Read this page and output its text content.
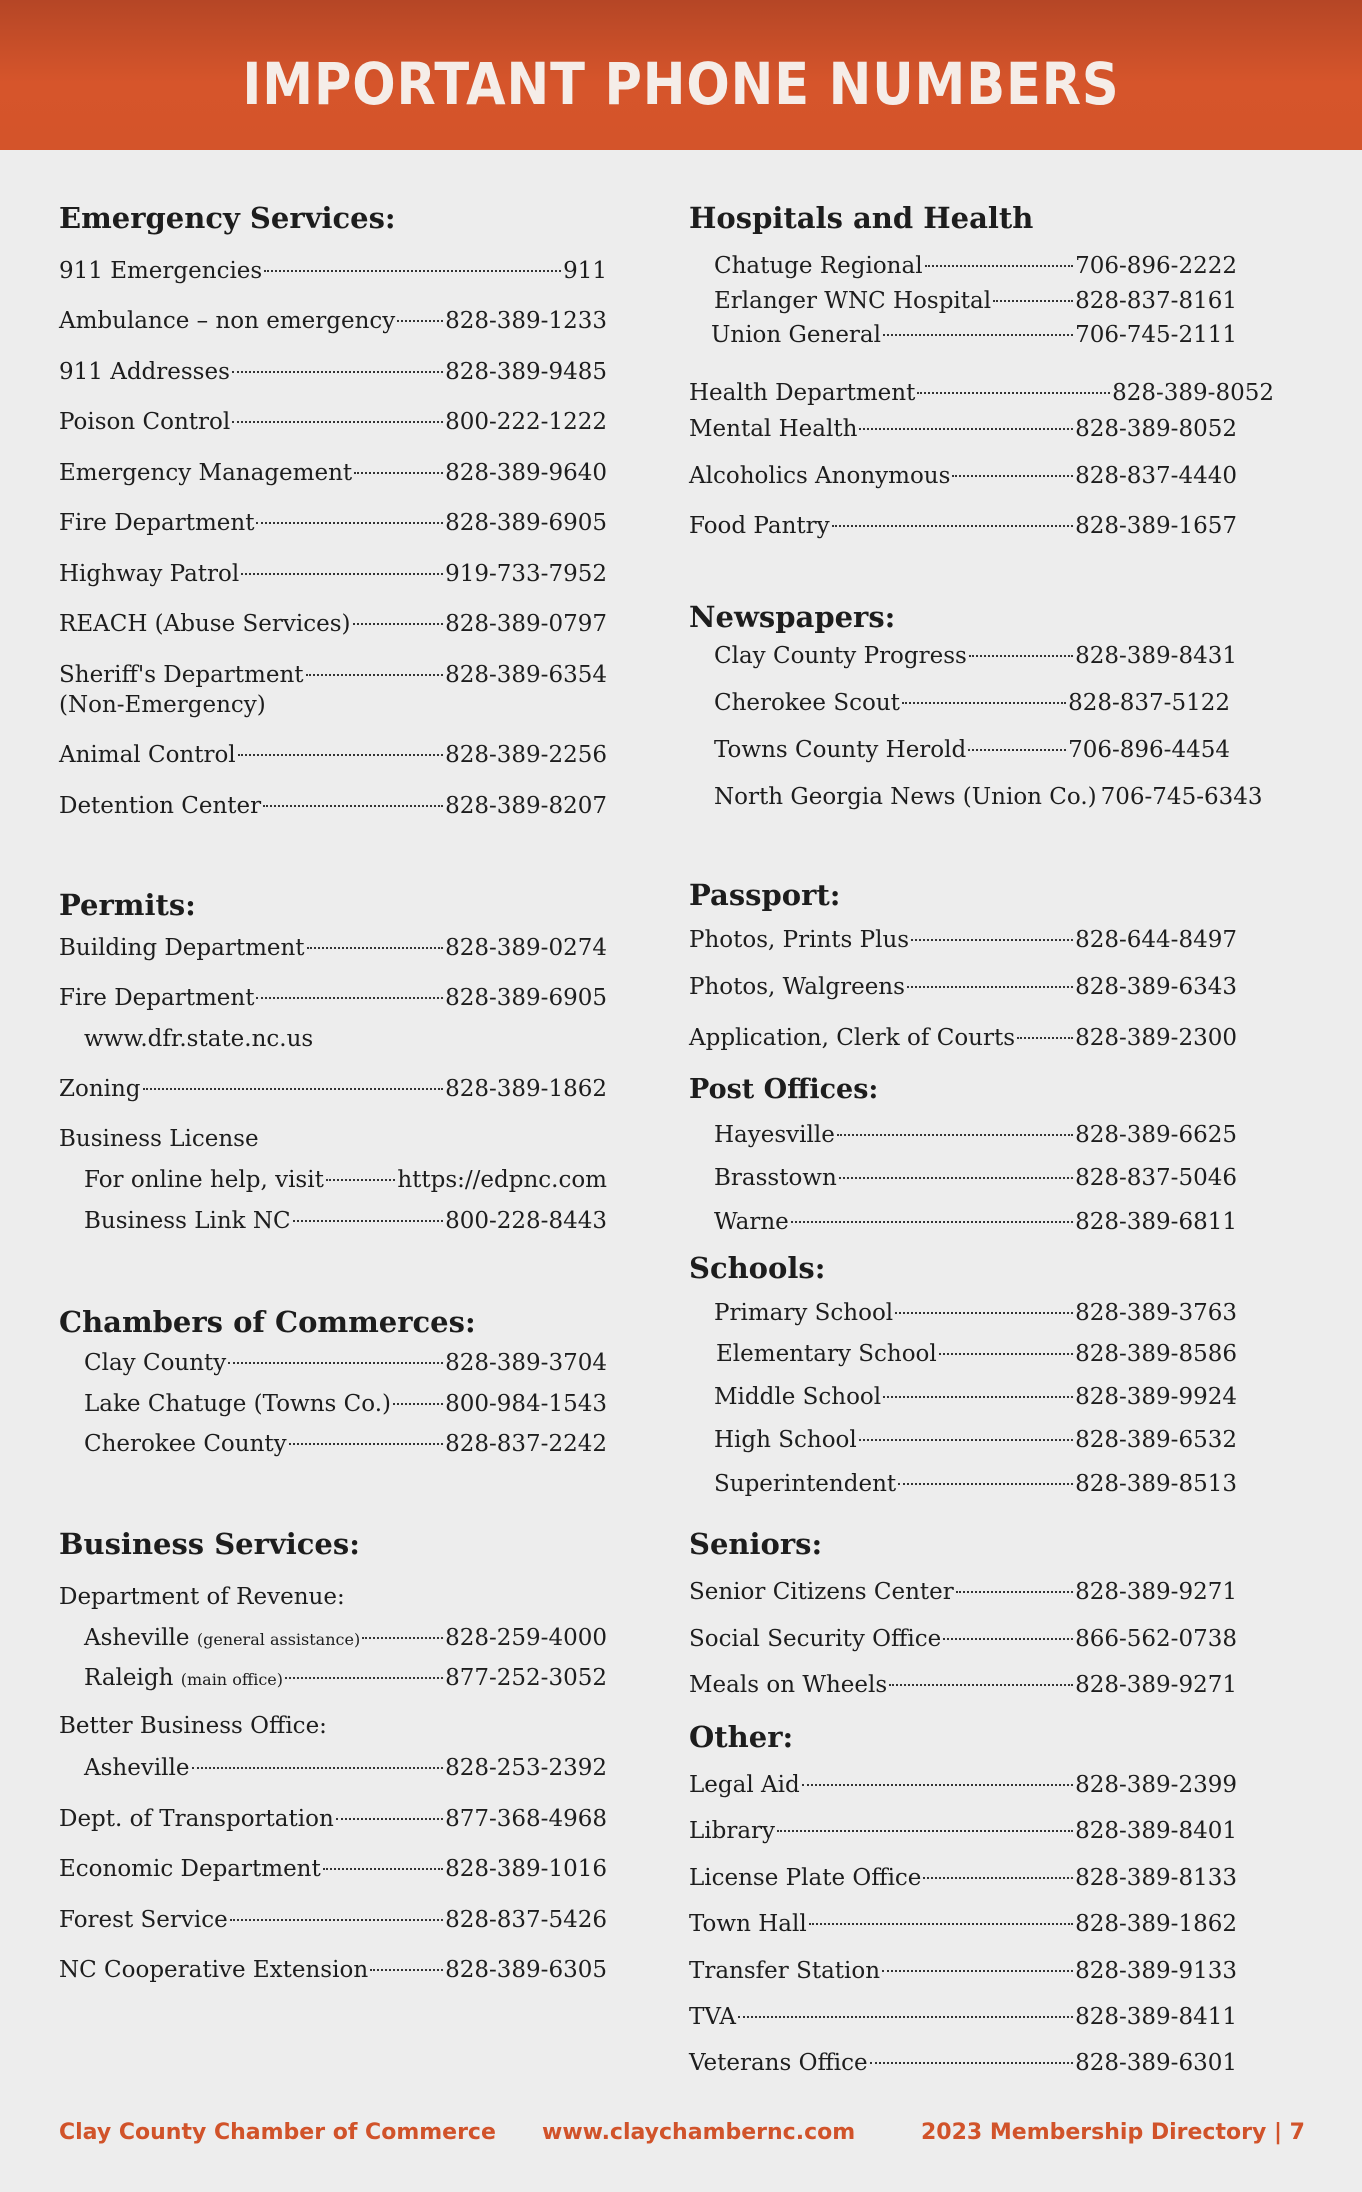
IMPORTANT PHONE NUMBERS
Emergency Services:
911 Emergencies	911
Ambulance – non emergency 828-389-1233
911 Addresses	828-389-9485
Poison Control	800-222-1222
Emergency Management	828-389-9640
Fire Department	828-389-6905
Highway Patrol	919-733-7952
REACH (Abuse Services)	828-389-0797
Sheriff's Department	828-389-6354
(Non-Emergency)
Animal Control	828-389-2256
Detention Center	828-389-8207
Permits:
Building Department	828-389-0274
Fire Department	828-389-6905
www.dfr.state.nc.us
Zoning	828-389-1862
Business License
For online help, visit	https://edpnc.com
Business Link NC	800-228-8443
Chambers of Commerces:
Clay County	828-389-3704
Lake Chatuge (Towns Co.) 800-984-1543
Cherokee County	828-837-2242
Business Services:
Department of Revenue:
Asheville (general assistance)	828-259-4000
Raleigh (main office)	877-252-3052
Better Business Office:
Asheville	828-253-2392
Dept. of Transportation	877-368-4968
Economic Department	828-389-1016
Forest Service	828-837-5426
NC Cooperative Extension	828-389-6305
Hospitals and Health
Chatuge Regional	706-896-2222
Erlanger WNC Hospital	828-837-8161
Union General	706-745-2111
Health Department	828-389-8052
Mental Health	828-389-8052
Alcoholics Anonymous	828-837-4440
Food Pantry	828-389-1657
Newspapers:
Clay County Progress	828-389-8431
Cherokee Scout	828-837-5122
Towns County Herold	706-896-4454
North Georgia News (Union Co.) 706-745-6343
Passport:
Photos, Prints Plus	828-644-8497
Photos, Walgreens	828-389-6343
Application, Clerk of Courts	828-389-2300
Post Offices:
Hayesville	828-389-6625
Brasstown	828-837-5046
Warne	828-389-6811
Schools:
Primary School	828-389-3763
Elementary School	828-389-8586
Middle School	828-389-9924
High School	828-389-6532
Superintendent	828-389-8513
Seniors:
Senior Citizens Center	828-389-9271
Social Security Office	866-562-0738
Meals on Wheels	828-389-9271
Other:
Legal Aid	828-389-2399
Library	828-389-8401
License Plate Office	828-389-8133
Town Hall	828-389-1862
Transfer Station	828-389-9133
TVA	828-389-8411
Veterans Office	828-389-6301
Clay County Chamber of Commerce www.claychambernc.com	2023 Membership Directory | 7
